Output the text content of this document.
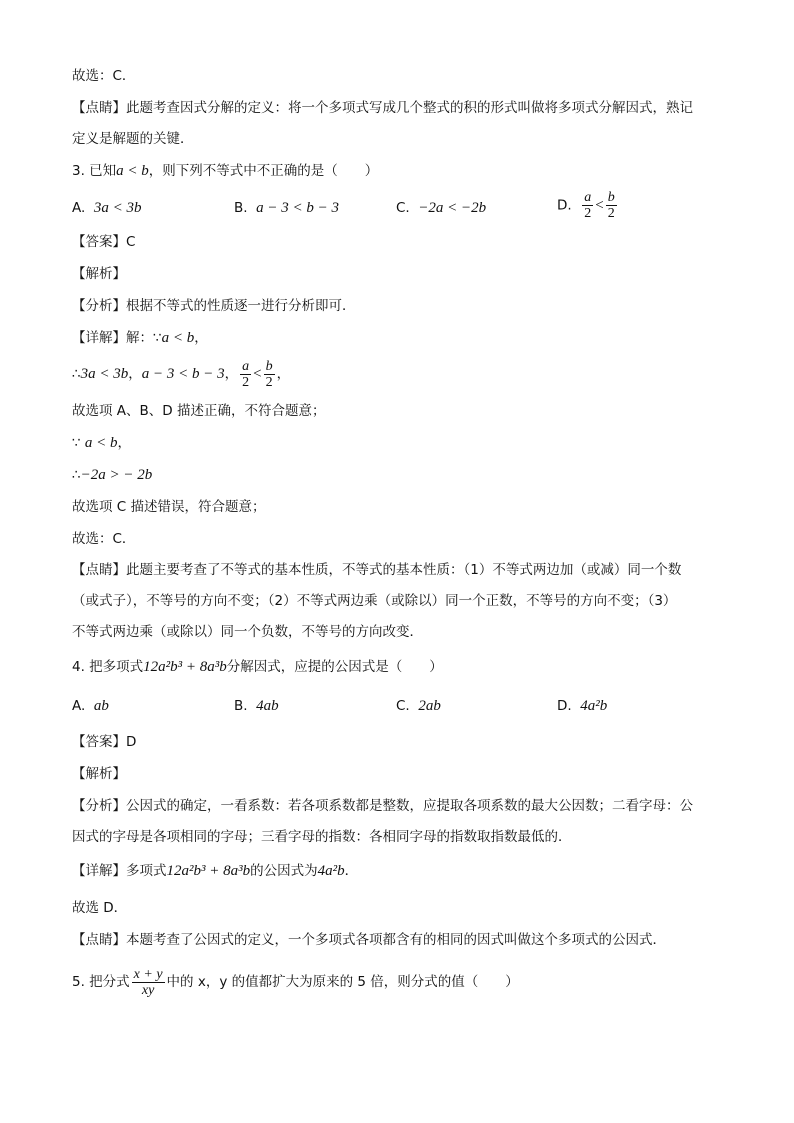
故选：C．
【点睛】此题考查因式分解的定义：将一个多项式写成几个整式的积的形式叫做将多项式分解因式，熟记
定义是解题的关键．
3. 已知a < b，则下列不等式中不正确的是（　　）
A. 3a < 3b	B. a − 3 < b − 3	C. −2a < −2b	D. $\frac{a}{2} < \frac{b}{2}$
【答案】C
【解析】
【分析】根据不等式的性质逐一进行分析即可．
【详解】解：∵a < b，
∴3a < 3b，a − 3 < b − 3， $\frac{a}{2} < \frac{b}{2}$ ，
故选项 A、B、D 描述正确，不符合题意；
∵ a < b，
∴−2a > − 2b
故选项 C 描述错误，符合题意；
故选：C．
【点睛】此题主要考查了不等式的基本性质，不等式的基本性质：（1）不等式两边加（或减）同一个数
（或式子），不等号的方向不变；（2）不等式两边乘（或除以）同一个正数，不等号的方向不变；（3）
不等式两边乘（或除以）同一个负数，不等号的方向改变．
4. 把多项式12a²b³ + 8a³b分解因式，应提的公因式是（　　）
A. ab	B. 4ab	C. 2ab	D. 4a²b
【答案】D
【解析】
【分析】公因式的确定，一看系数：若各项系数都是整数，应提取各项系数的最大公因数；二看字母：公
因式的字母是各项相同的字母；三看字母的指数：各相同字母的指数取指数最低的．
【详解】多项式12a²b³ + 8a³b的公因式为4a²b．
故选 D．
【点睛】本题考查了公因式的定义，一个多项式各项都含有的相同的因式叫做这个多项式的公因式．
5. 把分式 $\frac{x + y}{xy}$ 中的 x，y 的值都扩大为原来的 5 倍，则分式的值（　　）
